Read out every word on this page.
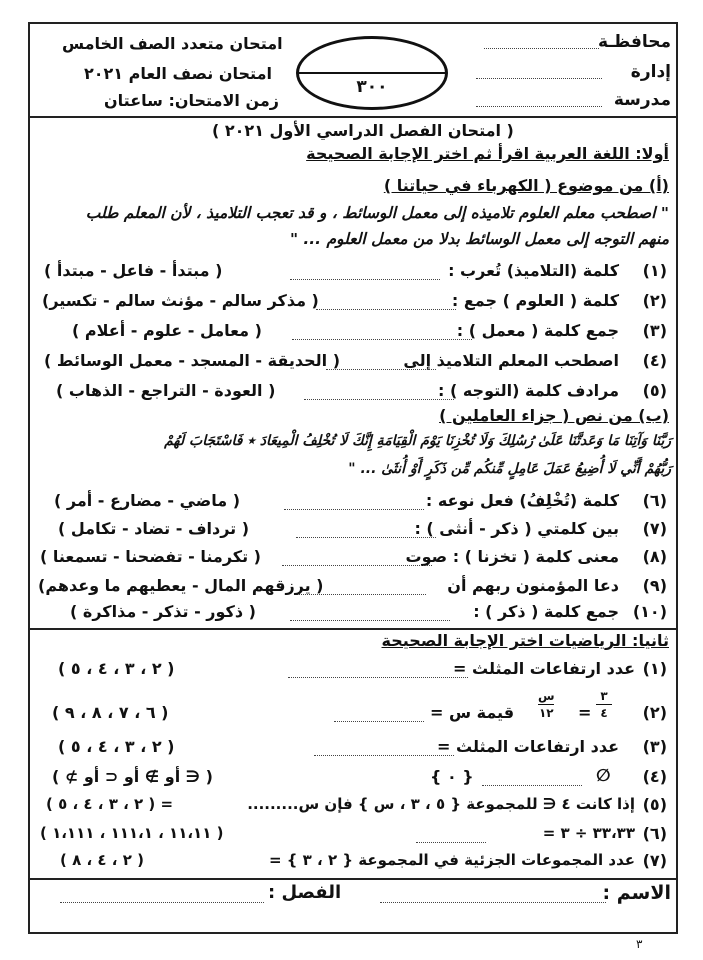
محافظـة
إدارة
مدرسة
امتحان متعدد الصف الخامس
امتحان نصف العام ٢٠٢١
زمن الامتحان: ساعتان
٣٠٠
( امتحان الفصل الدراسي الأول ٢٠٢١ )
أولا: اللغة العربية اقرأ ثم اختر الإجابة الصحيحة
(أ) من موضوع ( الكهرباء في حياتنا )
" اصطحب معلم العلوم تلاميذه إلى معمل الوسائط ، و قد تعجب التلاميذ ، لأن المعلم طلب
منهم التوجه إلى معمل الوسائط بدلا من معمل العلوم ... "
(١)
كلمة (التلاميذ) تُعرب :
( مبتدأ - فاعل - مبتدأ )
(٢)
كلمة ( العلوم ) جمع :
( مذكر سالم - مؤنث سالم - تكسير)
(٣)
جمع كلمة ( معمل ) :
( معامل - علوم - أعلام )
(٤)
اصطحب المعلم التلاميذ إلى
( الحديقة - المسجد - معمل الوسائط )
(٥)
مرادف كلمة (التوجه ) :
( العودة - التراجع - الذهاب )
(ب) من نص ( جزاء العاملين )
رَبَّنَا وَآتِنَا مَا وَعَدتَّنَا عَلَىٰ رُسُلِكَ وَلَا تُخْزِنَا يَوْمَ الْقِيَامَةِ إِنَّكَ لَا تُخْلِفُ الْمِيعَادَ ٭ فَاسْتَجَابَ لَهُمْ
رَبُّهُمْ أَنِّي لَا أُضِيعُ عَمَلَ عَامِلٍ مِّنكُم مِّن ذَكَرٍ أَوْ أُنثَىٰ ... "
(٦)
كلمة (تُخْلِفُ) فعل نوعه :
( ماضي - مضارع - أمر )
(٧)
بين كلمتي ( ذكر - أنثى ) :
( ترداف - تضاد - تكامل )
(٨)
معنى كلمة ( تخزنا ) : صوت
( تكرمنا - تفضحنا - تسمعنا )
(٩)
دعا المؤمنون ربهم أن
( يرزقهم المال - يعطيهم ما وعدهم)
(١٠)
جمع كلمة ( ذكر ) :
( ذكور - تذكر - مذاكرة )
ثانيا: الرياضيات اختر الإجابة الصحيحة
(١)
عدد ارتفاعات المثلث =
( ٢ ، ٣ ، ٤ ، ٥ )
(٢)
٣
٤
=
س
١٢
قيمة س =
( ٦ ، ٧ ، ٨ ، ٩ )
(٣)
عدد ارتفاعات المثلث =
( ٢ ، ٣ ، ٤ ، ٥ )
(٤)
∅
{ ٠ }
( ∈ أو ∌ أو ⊂ أو ⊅ )
(٥)
إذا كانت ٤ ∈ للمجموعة { ٥ ، ٣ ، س } فإن س.........
= ( ٢ ، ٣ ، ٤ ، ٥ )
(٦)
٣٣،٣٣ ÷ ٣ =
( ١١،١١ ، ١١١،١ ، ١،١١١ )
(٧)
عدد المجموعات الجزئية في المجموعة { ٢ ، ٣ } =
( ٢ ، ٤ ، ٨ )
الاسم :
الفصل :
٣
